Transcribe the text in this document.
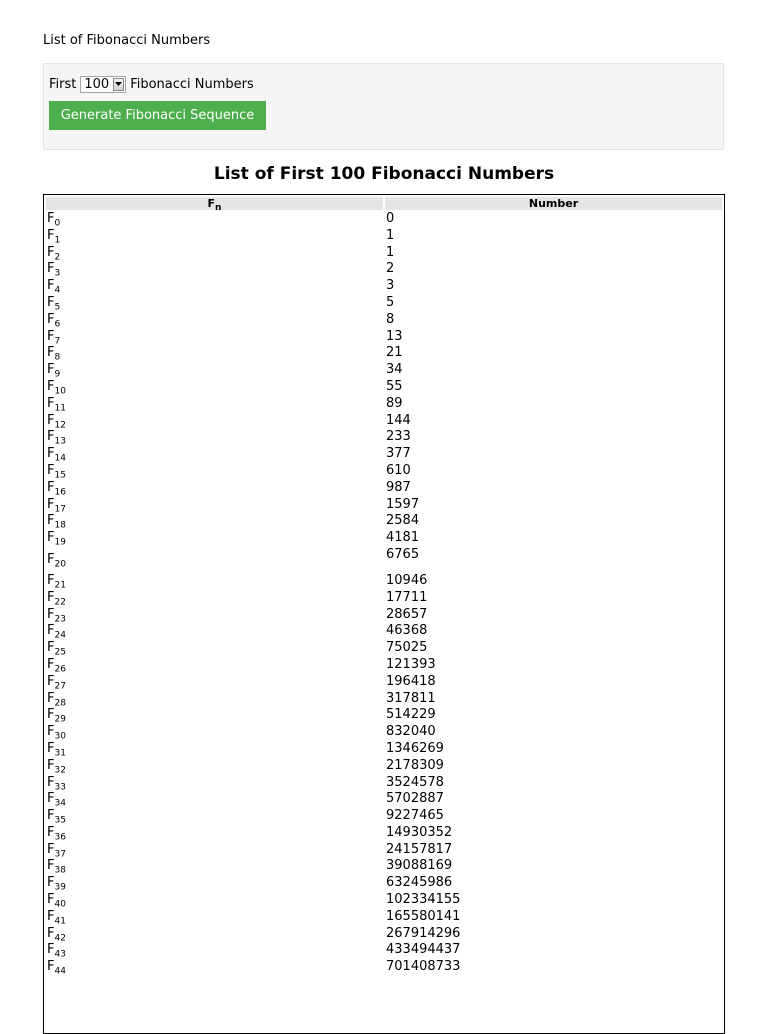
List of Fibonacci Numbers
First 100	Fibonacci Numbers
Generate Fibonacci Sequence
List of First 100 Fibonacci Numbers
$F_n$	Number
$F_0$	0
$F_1$	1
$F_2$	1
$F_3$	2
$F_4$	3
$F_5$	5
$F_6$	8
$F_7$	13
$F_8$	21
$F_9$	34
$F_{10}$	55
$F_{11}$	89
$F_{12}$	144
$F_{13}$	233
$F_{14}$	377
$F_{15}$	610
$F_{16}$	987
$F_{17}$	1597
$F_{18}$	2584
$F_{19}$	4181
$F_{20}$	6765
$F_{21}$	10946
$F_{22}$	17711
$F_{23}$	28657
$F_{24}$	46368
$F_{25}$	75025
$F_{26}$	121393
$F_{27}$	196418
$F_{28}$	317811
$F_{29}$	514229
$F_{30}$	832040
$F_{31}$	1346269
$F_{32}$	2178309
$F_{33}$	3524578
$F_{34}$	5702887
$F_{35}$	9227465
$F_{36}$	14930352
$F_{37}$	24157817
$F_{38}$	39088169
$F_{39}$	63245986
$F_{40}$	102334155
$F_{41}$	165580141
$F_{42}$	267914296
$F_{43}$	433494437
$F_{44}$	701408733
